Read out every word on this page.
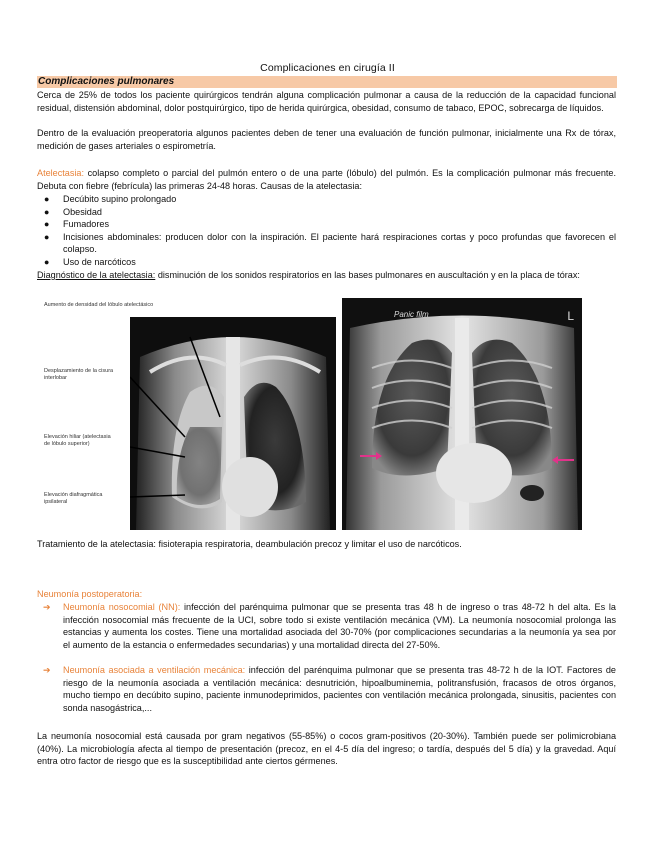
Complicaciones en cirugía II
Complicaciones pulmonares

Cerca de 25% de todos los paciente quirúrgicos tendrán alguna complicación pulmonar a causa de la reducción de la capacidad funcional residual, distensión abdominal, dolor postquirúrgico, tipo de herida quirúrgica, obesidad, consumo de tabaco, EPOC, sobrecarga de líquidos.

Dentro de la evaluación preoperatoria algunos pacientes deben de tener una evaluación de función pulmonar, inicialmente una Rx de tórax, medición de gases arteriales o espirometría.

Atelectasia: colapso completo o parcial del pulmón entero o de una parte (lóbulo) del pulmón. Es la complicación pulmonar más frecuente. Debuta con fiebre (febrícula) las primeras 24-48 horas. Causas de la atelectasia:

● Decúbito supino prolongado
● Obesidad
● Fumadores
● Incisiones abdominales: producen dolor con la inspiración. El paciente hará respiraciones cortas y poco profundas que favorecen el colapso.
● Uso de narcóticos

Diagnóstico de la atelectasia: disminución de los sonidos respiratorios en las bases pulmonares en auscultación y en la placa de tórax:

Aumento de densidad del lóbulo atelectásico
Desplazamiento de la cisura interlobar
Elevación hiliar (atelectasia de lóbulo superior)
Elevación diafragmática ipsilateral
L
Panic film

Tratamiento de la atelectasia: fisioterapia respiratoria, deambulación precoz y limitar el uso de narcóticos.

Neumonía postoperatoria:

➔	Neumonía nosocomial (NN): infección del parénquima pulmonar que se presenta tras 48 h de ingreso o tras 48-72 h del alta. Es la infección nosocomial más frecuente de la UCI, sobre todo si existe ventilación mecánica (VM). La neumonía nosocomial prolonga las estancias y aumenta los costes. Tiene una mortalidad asociada del 30-70% (por complicaciones secundarias a la neumonía ya sea por el aumento de la estancia o enfermedades secundarias) y una mortalidad directa del 27-50%.
➔	Neumonía asociada a ventilación mecánica: infección del parénquima pulmonar que se presenta tras 48-72 h de la IOT. Factores de riesgo de la neumonía asociada a ventilación mecánica: desnutrición, hipoalbuminemia, politransfusión, fracasos de otros órganos, mucho tiempo en decúbito supino, paciente inmunodeprimidos, pacientes con ventilación mecánica prolongada, sinusitis, pacientes con sonda nasogástrica,...

La neumonía nosocomial está causada por gram negativos (55-85%) o cocos gram-positivos (20-30%). También puede ser polimicrobiana (40%). La microbiología afecta al tiempo de presentación (precoz, en el 4-5 día del ingreso; o tardía, después del 5 día) y la gravedad. Aquí entra otro factor de riesgo que es la susceptibilidad ante ciertos gérmenes.
